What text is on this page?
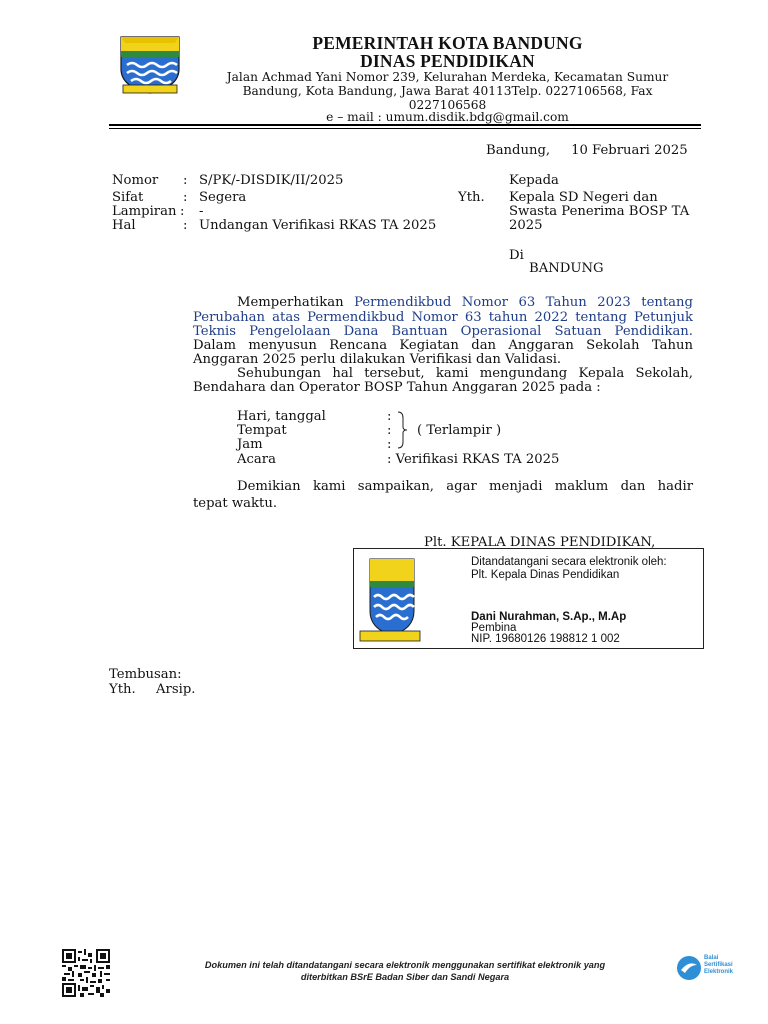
PEMERINTAH KOTA BANDUNG
DINAS PENDIDIKAN
Jalan Achmad Yani Nomor 239, Kelurahan Merdeka, Kecamatan Sumur
Bandung, Kota Bandung, Jawa Barat 40113Telp. 0227106568, Fax
0227106568
e – mail : umum.disdik.bdg@gmail.com
Bandung,     10 Februari 2025
Nomor : S/PK/-DISDIK/II/2025
Sifat	: Segera
Lampiran : -
Hal	: Undangan Verifikasi RKAS TA 2025
Kepada
Yth. Kepala SD Negeri dan
Swasta Penerima BOSP TA
2025
Di
BANDUNG
Memperhatikan Permendikbud Nomor 63 Tahun 2023 tentang
Perubahan atas Permendikbud Nomor 63 tahun 2022 tentang Petunjuk
Teknis Pengelolaan Dana Bantuan Operasional Satuan Pendidikan.
Dalam menyusun Rencana Kegiatan dan Anggaran Sekolah Tahun
Anggaran 2025 perlu dilakukan Verifikasi dan Validasi.
Sehubungan hal tersebut, kami mengundang Kepala Sekolah,
Bendahara dan Operator BOSP Tahun Anggaran 2025 pada :
Hari, tanggal	:
Tempat	:
Jam	:
( Terlampir )
Acara	: Verifikasi RKAS TA 2025
Demikian kami sampaikan, agar menjadi maklum dan hadir
tepat waktu.
Plt. KEPALA DINAS PENDIDIKAN,
Ditandatangani secara elektronik oleh:
Plt. Kepala Dinas Pendidikan
Dani Nurahman, S.Ap., M.Ap
Pembina
NIP. 19680126 198812 1 002
Tembusan:
Yth. Arsip.
Dokumen ini telah ditandatangani secara elektronik menggunakan sertifikat elektronik yang
diterbitkan BSrE Badan Siber dan Sandi Negara
Balai
Sertifikasi
Elektronik
